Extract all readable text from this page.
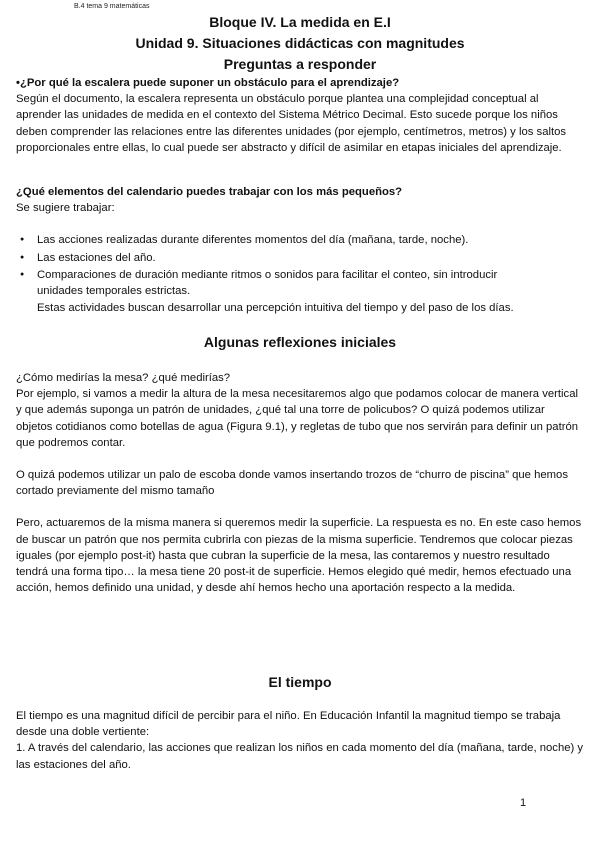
B.4 tema 9 matemáticas
Bloque IV. La medida en E.I
Unidad 9. Situaciones didácticas con magnitudes
Preguntas a responder
•¿Por qué la escalera puede suponer un obstáculo para el aprendizaje?
Según el documento, la escalera representa un obstáculo porque plantea una complejidad conceptual al aprender las unidades de medida en el contexto del Sistema Métrico Decimal. Esto sucede porque los niños deben comprender las relaciones entre las diferentes unidades (por ejemplo, centímetros, metros) y los saltos proporcionales entre ellas, lo cual puede ser abstracto y difícil de asimilar en etapas iniciales del aprendizaje.
¿Qué elementos del calendario puedes trabajar con los más pequeños?
Se sugiere trabajar:
● Las acciones realizadas durante diferentes momentos del día (mañana, tarde, noche).
● Las estaciones del año.
● Comparaciones de duración mediante ritmos o sonidos para facilitar el conteo, sin introducir unidades temporales estrictas.
Estas actividades buscan desarrollar una percepción intuitiva del tiempo y del paso de los días.
Algunas reflexiones iniciales
¿Cómo medirías la mesa? ¿qué medirías?
Por ejemplo, si vamos a medir la altura de la mesa necesitaremos algo que podamos colocar de manera vertical y que además suponga un patrón de unidades, ¿qué tal una torre de policubos? O quizá podemos utilizar objetos cotidianos como botellas de agua (Figura 9.1), y regletas de tubo que nos servirán para definir un patrón que podremos contar.
O quizá podemos utilizar un palo de escoba donde vamos insertando trozos de “churro de piscina” que hemos cortado previamente del mismo tamaño
Pero, actuaremos de la misma manera si queremos medir la superficie. La respuesta es no. En este caso hemos de buscar un patrón que nos permita cubrirla con piezas de la misma superficie. Tendremos que colocar piezas iguales (por ejemplo post-it) hasta que cubran la superficie de la mesa, las contaremos y nuestro resultado tendrá una forma tipo… la mesa tiene 20 post-it de superficie. Hemos elegido qué medir, hemos efectuado una acción, hemos definido una unidad, y desde ahí hemos hecho una aportación respecto a la medida.
El tiempo
El tiempo es una magnitud difícil de percibir para el niño. En Educación Infantil la magnitud tiempo se trabaja desde una doble vertiente:
1. A través del calendario, las acciones que realizan los niños en cada momento del día (mañana, tarde, noche) y las estaciones del año.
1
